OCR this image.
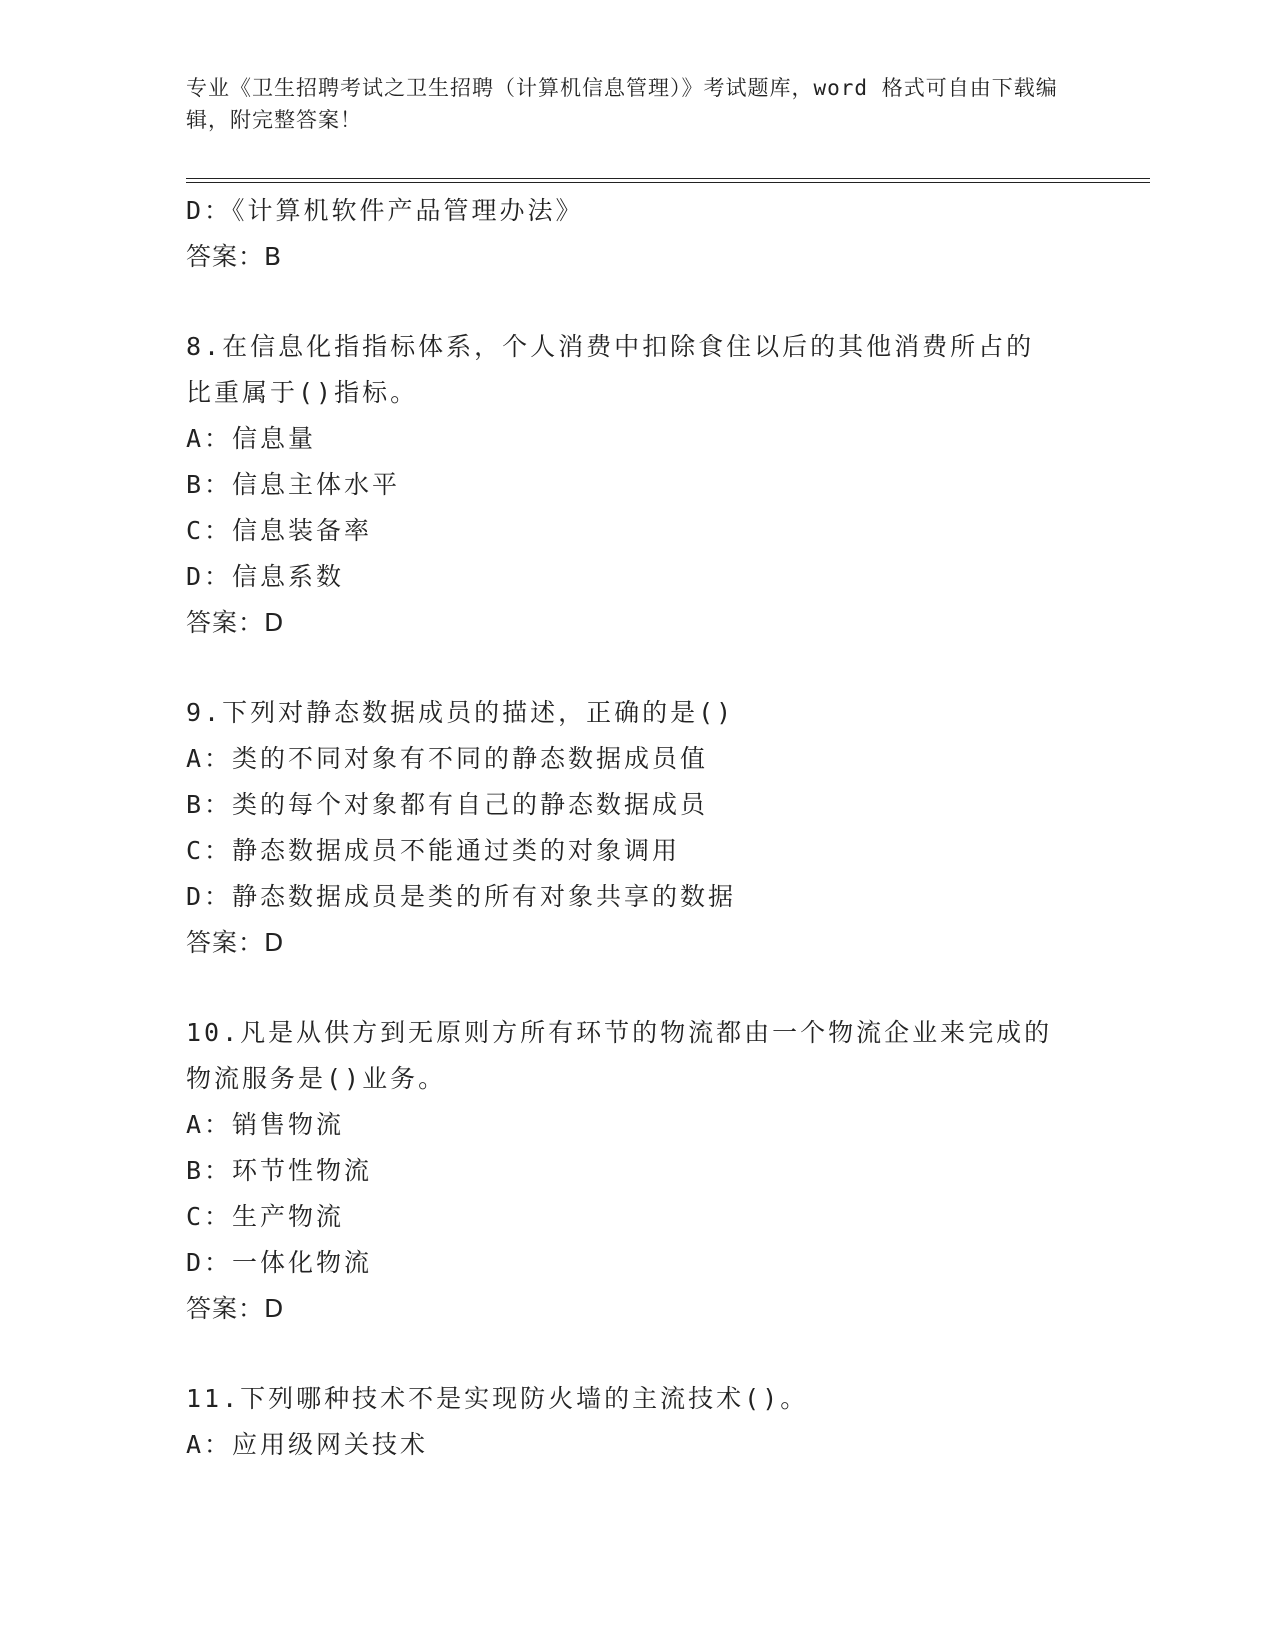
专业《卫生招聘考试之卫生招聘（计算机信息管理）》考试题库，word 格式可自由下载编辑，附完整答案！
D：《计算机软件产品管理办法》
答案：B
8.在信息化指指标体系，个人消费中扣除食住以后的其他消费所占的
比重属于()指标。
A：信息量
B：信息主体水平
C：信息装备率
D：信息系数
答案：D
9.下列对静态数据成员的描述，正确的是()
A：类的不同对象有不同的静态数据成员值
B：类的每个对象都有自己的静态数据成员
C：静态数据成员不能通过类的对象调用
D：静态数据成员是类的所有对象共享的数据
答案：D
10.凡是从供方到无原则方所有环节的物流都由一个物流企业来完成的
物流服务是()业务。
A：销售物流
B：环节性物流
C：生产物流
D：一体化物流
答案：D
11.下列哪种技术不是实现防火墙的主流技术()。
A：应用级网关技术
